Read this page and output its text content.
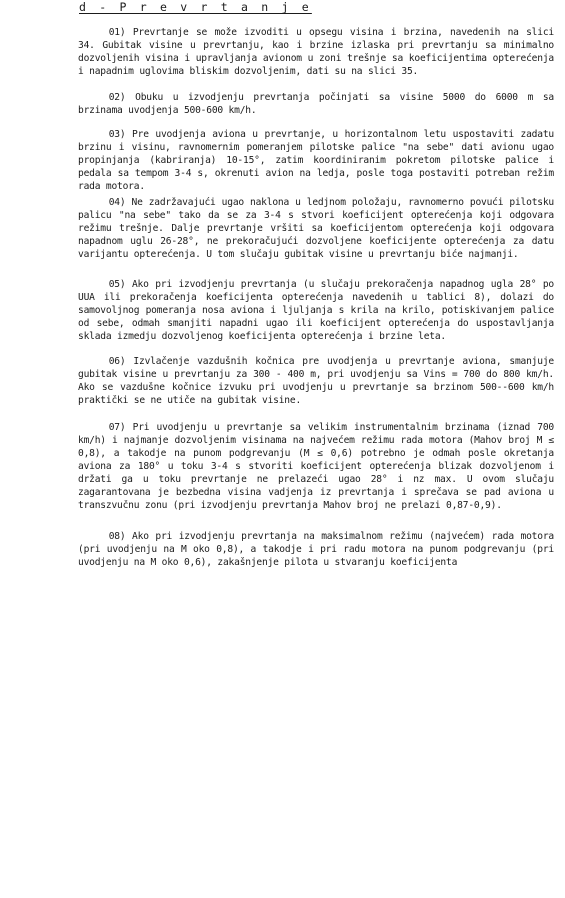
d - P r e v r t a n j e

01) Prevrtanje se može izvoditi u opsegu visina i brzina, navedenih na slici 34. Gubitak visine u prevrtanju, kao i brzine izlaska pri prevrtanju sa minimalno dozvoljenih visina i upravljanja avionom u zoni trešnje sa koeficijentima opterećenja i napadnim uglovima bliskim dozvoljenim, dati su na slici 35.

02) Obuku u izvodjenju prevrtanja počinjati sa visine 5000 do 6000 m sa brzinama uvodjenja 500-600 km/h.

03) Pre uvodjenja aviona u prevrtanje, u horizontalnom letu uspostaviti zadatu brzinu i visinu, ravnomernim pomeranjem pilotske palice "na sebe" dati avionu ugao propinjanja (kabriranja) 10-15°, zatim koordiniranim pokretom pilotske palice i pedala sa tempom 3-4 s, okrenuti avion na ledja, posle toga postaviti potreban režim rada motora.

04) Ne zadržavajući ugao naklona u ledjnom položaju, ravnomerno povući pilotsku palicu "na sebe" tako da se za 3-4 s stvori koeficijent opterećenja koji odgovara režimu trešnje. Dalje prevrtanje vršiti sa koeficijentom opterećenja koji odgovara napadnom uglu 26-28°, ne prekoračujući dozvoljene koeficijente opterećenja za datu varijantu opterećenja. U tom slučaju gubitak visine u prevrtanju biće najmanji.

05) Ako pri izvodjenju prevrtanja (u slučaju prekoračenja napadnog ugla 28° po UUA ili prekoračenja koeficijenta opterećenja navedenih u tablici 8), dolazi do samovoljnog pomeranja nosa aviona i ljuljanja s krila na krilo, potiskivanjem palice od sebe, odmah smanjiti napadni ugao ili koeficijent opterećenja do uspostavljanja sklada izmedju dozvoljenog koeficijenta opterećenja i brzine leta.

06) Izvlačenje vazdušnih kočnica pre uvodjenja u prevrtanje aviona, smanjuje gubitak visine u prevrtanju za 300 - 400 m, pri uvodjenju sa Vins = 700 do 800 km/h. Ako se vazdušne kočnice izvuku pri uvodjenju u prevrtanje sa brzinom 500--600 km/h praktički se ne utiče na gubitak visine.

07) Pri uvodjenju u prevrtanje sa velikim instrumentalnim brzinama (iznad 700 km/h) i najmanje dozvoljenim visinama na najvećem režimu rada motora (Mahov broj M ≤ 0,8), a takodje na punom podgrevanju (M ≤ 0,6) potrebno je odmah posle okretanja aviona za 180° u toku 3-4 s stvoriti koeficijent opterećenja blizak dozvoljenom i držati ga u toku prevrtanje ne prelazeći ugao 28° i nz max. U ovom slučaju zagarantovana je bezbedna visina vadjenja iz prevrtanja i sprečava se pad aviona u transzvučnu zonu (pri izvodjenju prevrtanja Mahov broj ne prelazi 0,87-0,9).

08) Ako pri izvodjenju prevrtanja na maksimalnom režimu (najvećem) rada motora (pri uvodjenju na M oko 0,8), a takodje i pri radu motora na punom podgrevanju (pri uvodjenju na M oko 0,6), zakašnjenje pilota u stvaranju koeficijenta
